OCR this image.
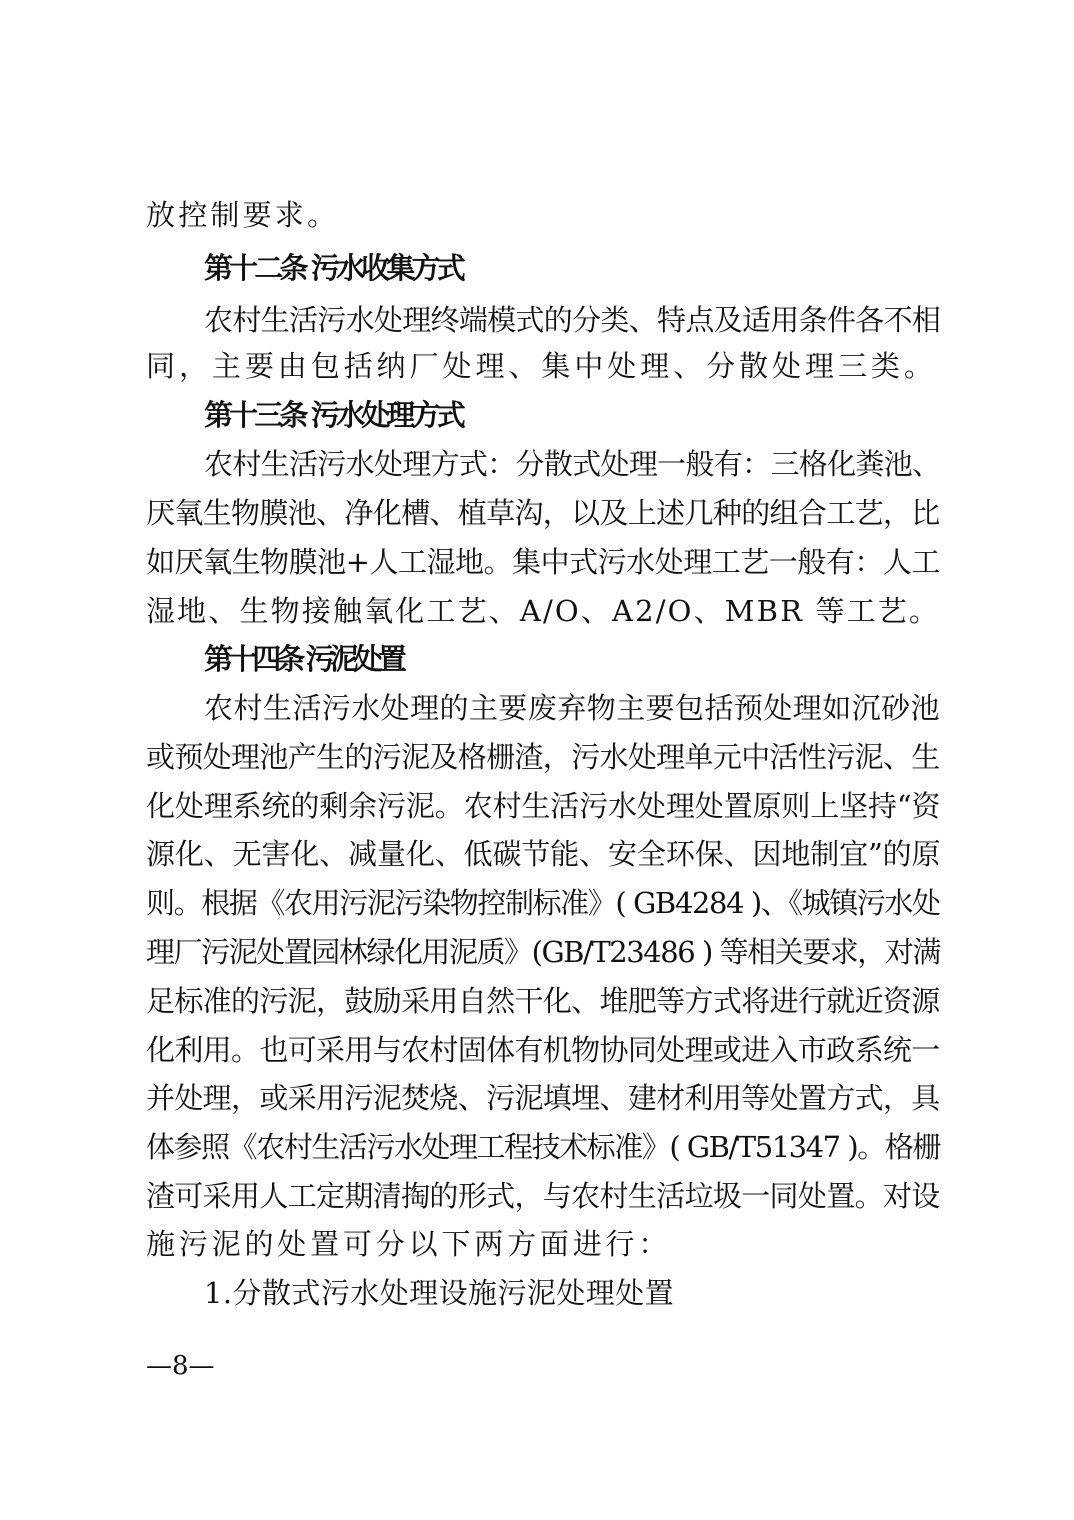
放控制要求。
第十二条 污水收集方式
农村生活污水处理终端模式的分类、特点及适用条件各不相
同，主要由包括纳厂处理、集中处理、分散处理三类。
第十三条 污水处理方式
农村生活污水处理方式：分散式处理一般有：三格化粪池、
厌氧生物膜池、净化槽、植草沟，以及上述几种的组合工艺，比
如厌氧生物膜池+人工湿地。集中式污水处理工艺一般有：人工
湿地、生物接触氧化工艺、A/O、A2/O、MBR 等工艺。
第十四条 污泥处置
农村生活污水处理的主要废弃物主要包括预处理如沉砂池
或预处理池产生的污泥及格栅渣，污水处理单元中活性污泥、生
化处理系统的剩余污泥。农村生活污水处理处置原则上坚持“资
源化、无害化、减量化、低碳节能、安全环保、因地制宜”的原
则。根据《农用污泥污染物控制标准》( GB4284 )、《城镇污水处
理厂污泥处置园林绿化用泥质》(GB/T23486 ) 等相关要求，对满
足标准的污泥，鼓励采用自然干化、堆肥等方式将进行就近资源
化利用。也可采用与农村固体有机物协同处理或进入市政系统一
并处理，或采用污泥焚烧、污泥填埋、建材利用等处置方式，具
体参照《农村生活污水处理工程技术标准》( GB/T51347 )。格栅
渣可采用人工定期清掏的形式，与农村生活垃圾一同处置。对设
施污泥的处置可分以下两方面进行：
1.分散式污水处理设施污泥处理处置
—8—
